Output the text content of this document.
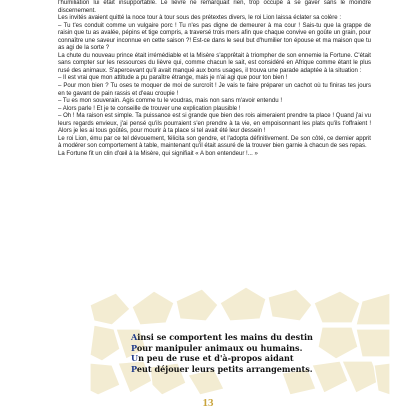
l'humiliation lui était insupportable. Le lièvre ne remarquait rien, trop occupé à se gaver sans le moindre discernement.

Les invités avaient quitté la noce tour à tour sous des prétextes divers, le roi Lion laissa éclater sa colère :

– Tu t'es conduit comme un vulgaire porc ! Tu n'es pas digne de demeurer à ma cour ! Sais-tu que la grappe de raisin que tu as avalée, pépins et tige compris, a traversé trois mers afin que chaque convive en goûte un grain, pour connaître une saveur inconnue en cette saison ?! Est-ce dans le seul but d'humilier ton épouse et ma maison que tu as agi de la sorte ?

La chute du nouveau prince était irrémédiable et la Misère s'apprêtait à triompher de son ennemie la Fortune. C'était sans compter sur les ressources du lièvre qui, comme chacun le sait, est considéré en Afrique comme étant le plus rusé des animaux. S'apercevant qu'il avait manqué aux bons usages, il trouva une parade adaptée à la situation :

– Il est vrai que mon attitude a pu paraître étrange, mais je n'ai agi que pour ton bien !

– Pour mon bien ? Tu oses te moquer de moi de surcroît ! Je vais te faire préparer un cachot où tu finiras tes jours en te gavant de pain rassis et d'eau croupie !

– Tu es mon souverain. Agis comme tu le voudras, mais non sans m'avoir entendu !

– Alors parle ! Et je te conseille de trouver une explication plausible !

– Oh ! Ma raison est simple. Ta puissance est si grande que bien des rois aimeraient prendre ta place ! Quand j'ai vu leurs regards envieux, j'ai pensé qu'ils pourraient s'en prendre à ta vie, en empoisonnant les plats qu'ils t'offraient ! Alors je les ai tous goûtés, pour mourir à ta place si tel avait été leur dessein !

Le roi Lion, ému par ce tel dévouement, félicita son gendre, et l'adopta définitivement. De son côté, ce dernier apprit à modérer son comportement à table, maintenant qu'il était assuré de la trouver bien garnie à chacun de ses repas.

La Fortune fit un clin d'œil à la Misère, qui signifiait « A bon entendeur !... »

Ainsi se comportent les mains du destin
Pour manipuler animaux ou humains.
Un peu de ruse et d'à-propos aidant
Peut déjouer leurs petits arrangements.
13
